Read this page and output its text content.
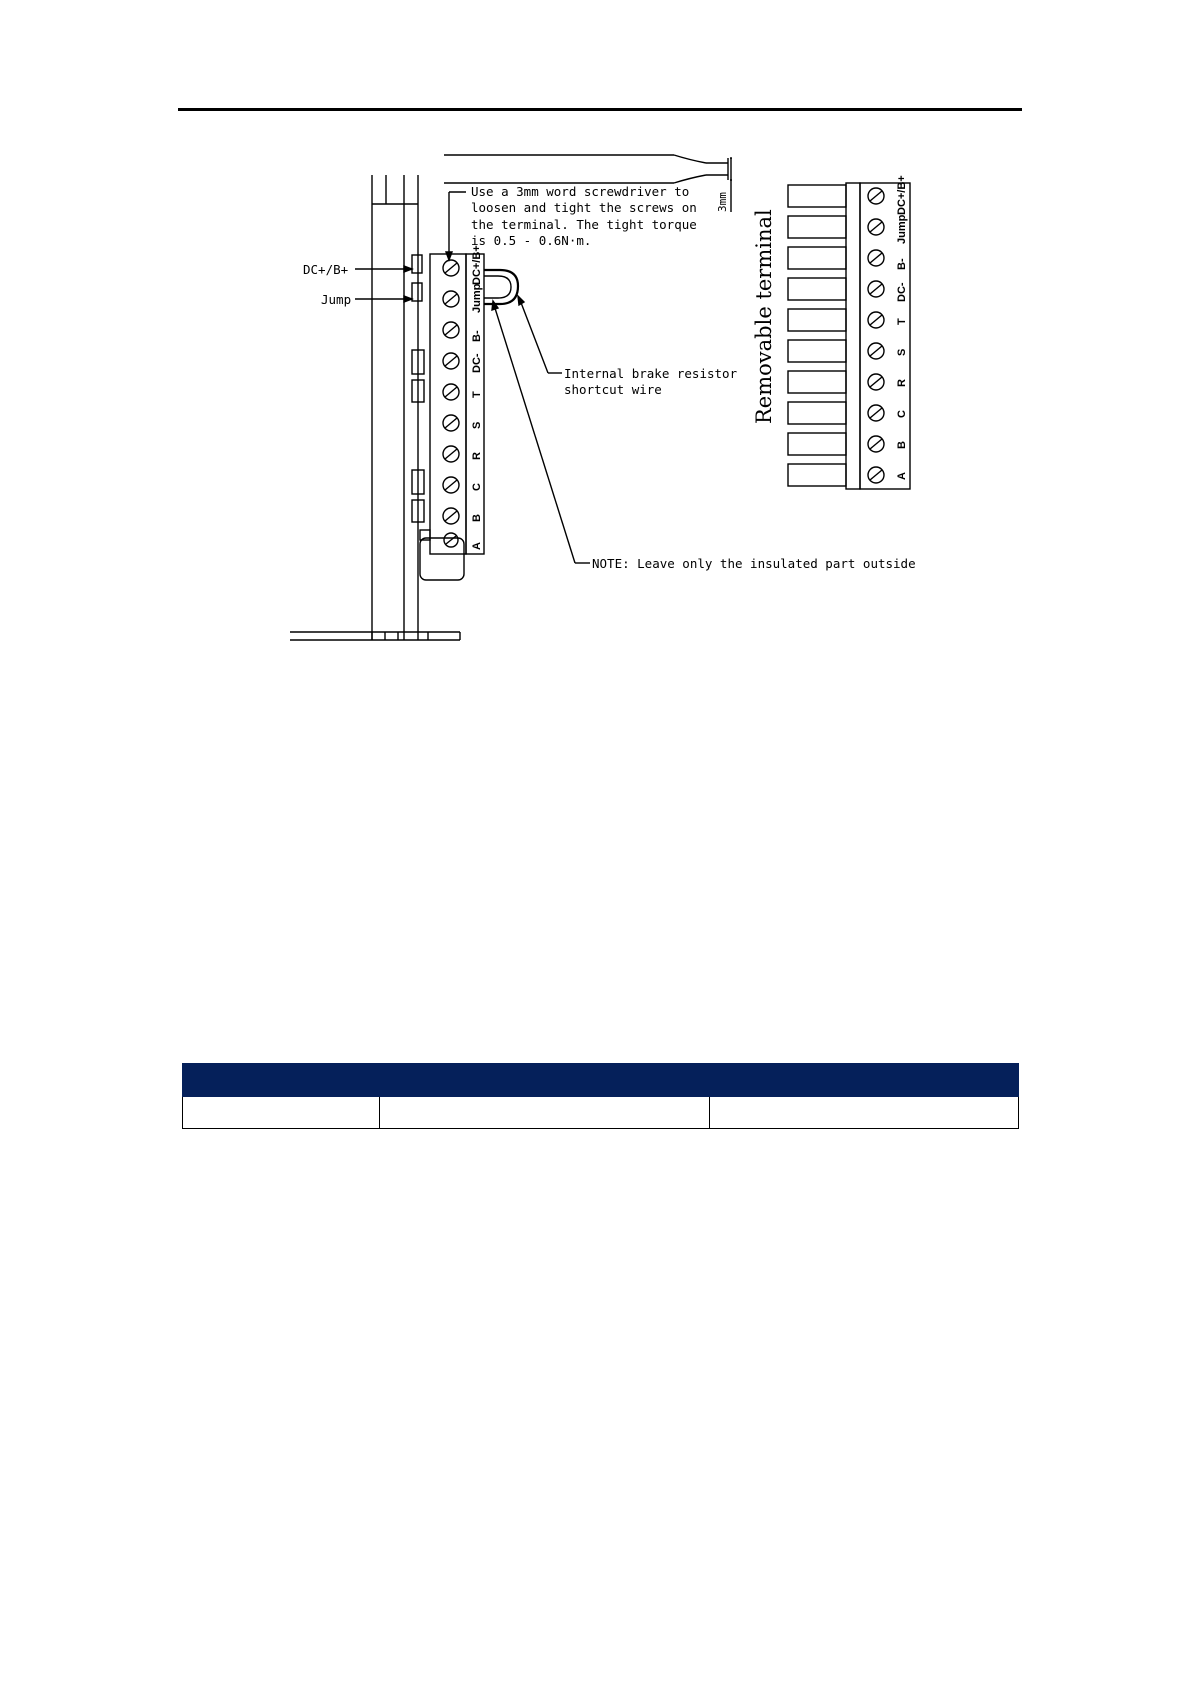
DC+/B+
Jump
B-
DC-
T
S
R
C
B
A
DC+/B+
Jump
B-
DC-
T
S
R
C
B
A
DC+/B+
Jump
Use a 3mm word screwdriver to
loosen and tight the screws on
the terminal. The tight torque
is 0.5 - 0.6N·m.
Internal brake resistor
shortcut wire
NOTE: Leave only the insulated part outside
3mm
Removable terminal
